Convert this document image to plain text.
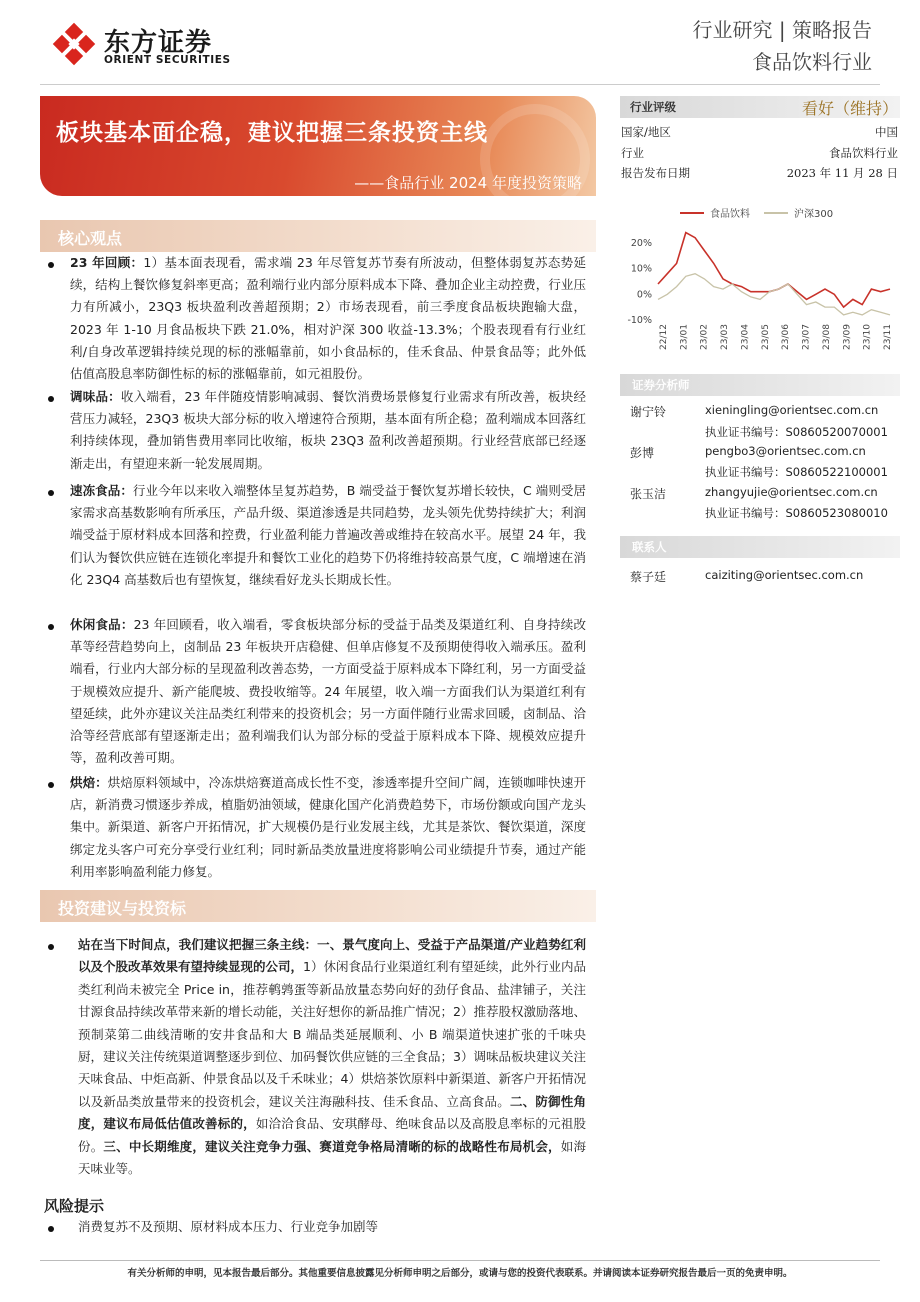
东方证券
ORIENT SECURITIES
行业研究 | 策略报告
食品饮料行业
板块基本面企稳，建议把握三条投资主线
——食品行业 2024 年度投资策略
行业评级	看好（维持）
国家/地区	中国
行业	食品饮料行业
报告发布日期	2023 年 11 月 28 日
食品饮料	沪深300
20%
10%
0%
-10%
22/12 23/01 23/02 23/03 23/04 23/05 23/06 23/07 23/08 23/09 23/10 23/11
证券分析师
谢宁铃	xieningling@orientsec.com.cn
执业证书编号：S0860520070001
彭博	pengbo3@orientsec.com.cn
执业证书编号：S0860522100001
张玉洁	zhangyujie@orientsec.com.cn
执业证书编号：S0860523080010
联系人
蔡子廷	caiziting@orientsec.com.cn
核心观点
23 年回顾：1）基本面表现看，需求端 23 年尽管复苏节奏有所波动，但整体弱复苏态势延续，结构上餐饮修复斜率更高；盈利端行业内部分原料成本下降、叠加企业主动控费，行业压力有所减小，23Q3 板块盈利改善超预期；2）市场表现看，前三季度食品板块跑输大盘，2023 年 1-10 月食品板块下跌 21.0%，相对沪深 300 收益-13.3%；个股表现看有行业红利/自身改革逻辑持续兑现的标的涨幅靠前，如小食品标的，佳禾食品、仲景食品等；此外低估值高股息率防御性标的标的涨幅靠前，如元祖股份。
调味品：收入端看，23 年伴随疫情影响减弱、餐饮消费场景修复行业需求有所改善，板块经营压力减轻，23Q3 板块大部分标的收入增速符合预期，基本面有所企稳；盈利端成本回落红利持续体现，叠加销售费用率同比收缩，板块 23Q3 盈利改善超预期。行业经营底部已经逐渐走出，有望迎来新一轮发展周期。
速冻食品：行业今年以来收入端整体呈复苏趋势，B 端受益于餐饮复苏增长较快，C 端则受居家需求高基数影响有所承压，产品升级、渠道渗透是共同趋势，龙头领先优势持续扩大；利润端受益于原材料成本回落和控费，行业盈利能力普遍改善或维持在较高水平。展望 24 年，我们认为餐饮供应链在连锁化率提升和餐饮工业化的趋势下仍将维持较高景气度，C 端增速在消化 23Q4 高基数后也有望恢复，继续看好龙头长期成长性。
休闲食品：23 年回顾看，收入端看，零食板块部分标的受益于品类及渠道红利、自身持续改革等经营趋势向上，卤制品 23 年板块开店稳健、但单店修复不及预期使得收入端承压。盈利端看，行业内大部分标的呈现盈利改善态势，一方面受益于原料成本下降红利，另一方面受益于规模效应提升、新产能爬坡、费投收缩等。24 年展望，收入端一方面我们认为渠道红利有望延续，此外亦建议关注品类红利带来的投资机会；另一方面伴随行业需求回暖，卤制品、洽洽等经营底部有望逐渐走出；盈利端我们认为部分标的受益于原料成本下降、规模效应提升等，盈利改善可期。
烘焙：烘焙原料领域中，冷冻烘焙赛道高成长性不变，渗透率提升空间广阔，连锁咖啡快速开店，新消费习惯逐步养成，植脂奶油领域，健康化国产化消费趋势下，市场份额或向国产龙头集中。新渠道、新客户开拓情况，扩大规模仍是行业发展主线，尤其是茶饮、餐饮渠道，深度绑定龙头客户可充分享受行业红利；同时新品类放量进度将影响公司业绩提升节奏，通过产能利用率影响盈利能力修复。
投资建议与投资标
站在当下时间点，我们建议把握三条主线：一、景气度向上、受益于产品渠道/产业趋势红利以及个股改革效果有望持续显现的公司，1）休闲食品行业渠道红利有望延续，此外行业内品类红利尚未被完全 Price in，推荐鹌鹑蛋等新品放量态势向好的劲仔食品、盐津铺子，关注甘源食品持续改革带来新的增长动能，关注好想你的新品推广情况；2）推荐股权激励落地、预制菜第二曲线清晰的安井食品和大 B 端品类延展顺利、小 B 端渠道快速扩张的千味央厨，建议关注传统渠道调整逐步到位、加码餐饮供应链的三全食品；3）调味品板块建议关注天味食品、中炬高新、仲景食品以及千禾味业；4）烘焙茶饮原料中新渠道、新客户开拓情况以及新品类放量带来的投资机会，建议关注海融科技、佳禾食品、立高食品。二、防御性角度，建议布局低估值改善标的，如洽洽食品、安琪酵母、绝味食品以及高股息率标的元祖股份。三、中长期维度，建议关注竞争力强、赛道竞争格局清晰的标的战略性布局机会，如海天味业等。
风险提示
消费复苏不及预期、原材料成本压力、行业竞争加剧等
有关分析师的申明，见本报告最后部分。其他重要信息披露见分析师申明之后部分，或请与您的投资代表联系。并请阅读本证券研究报告最后一页的免责申明。
